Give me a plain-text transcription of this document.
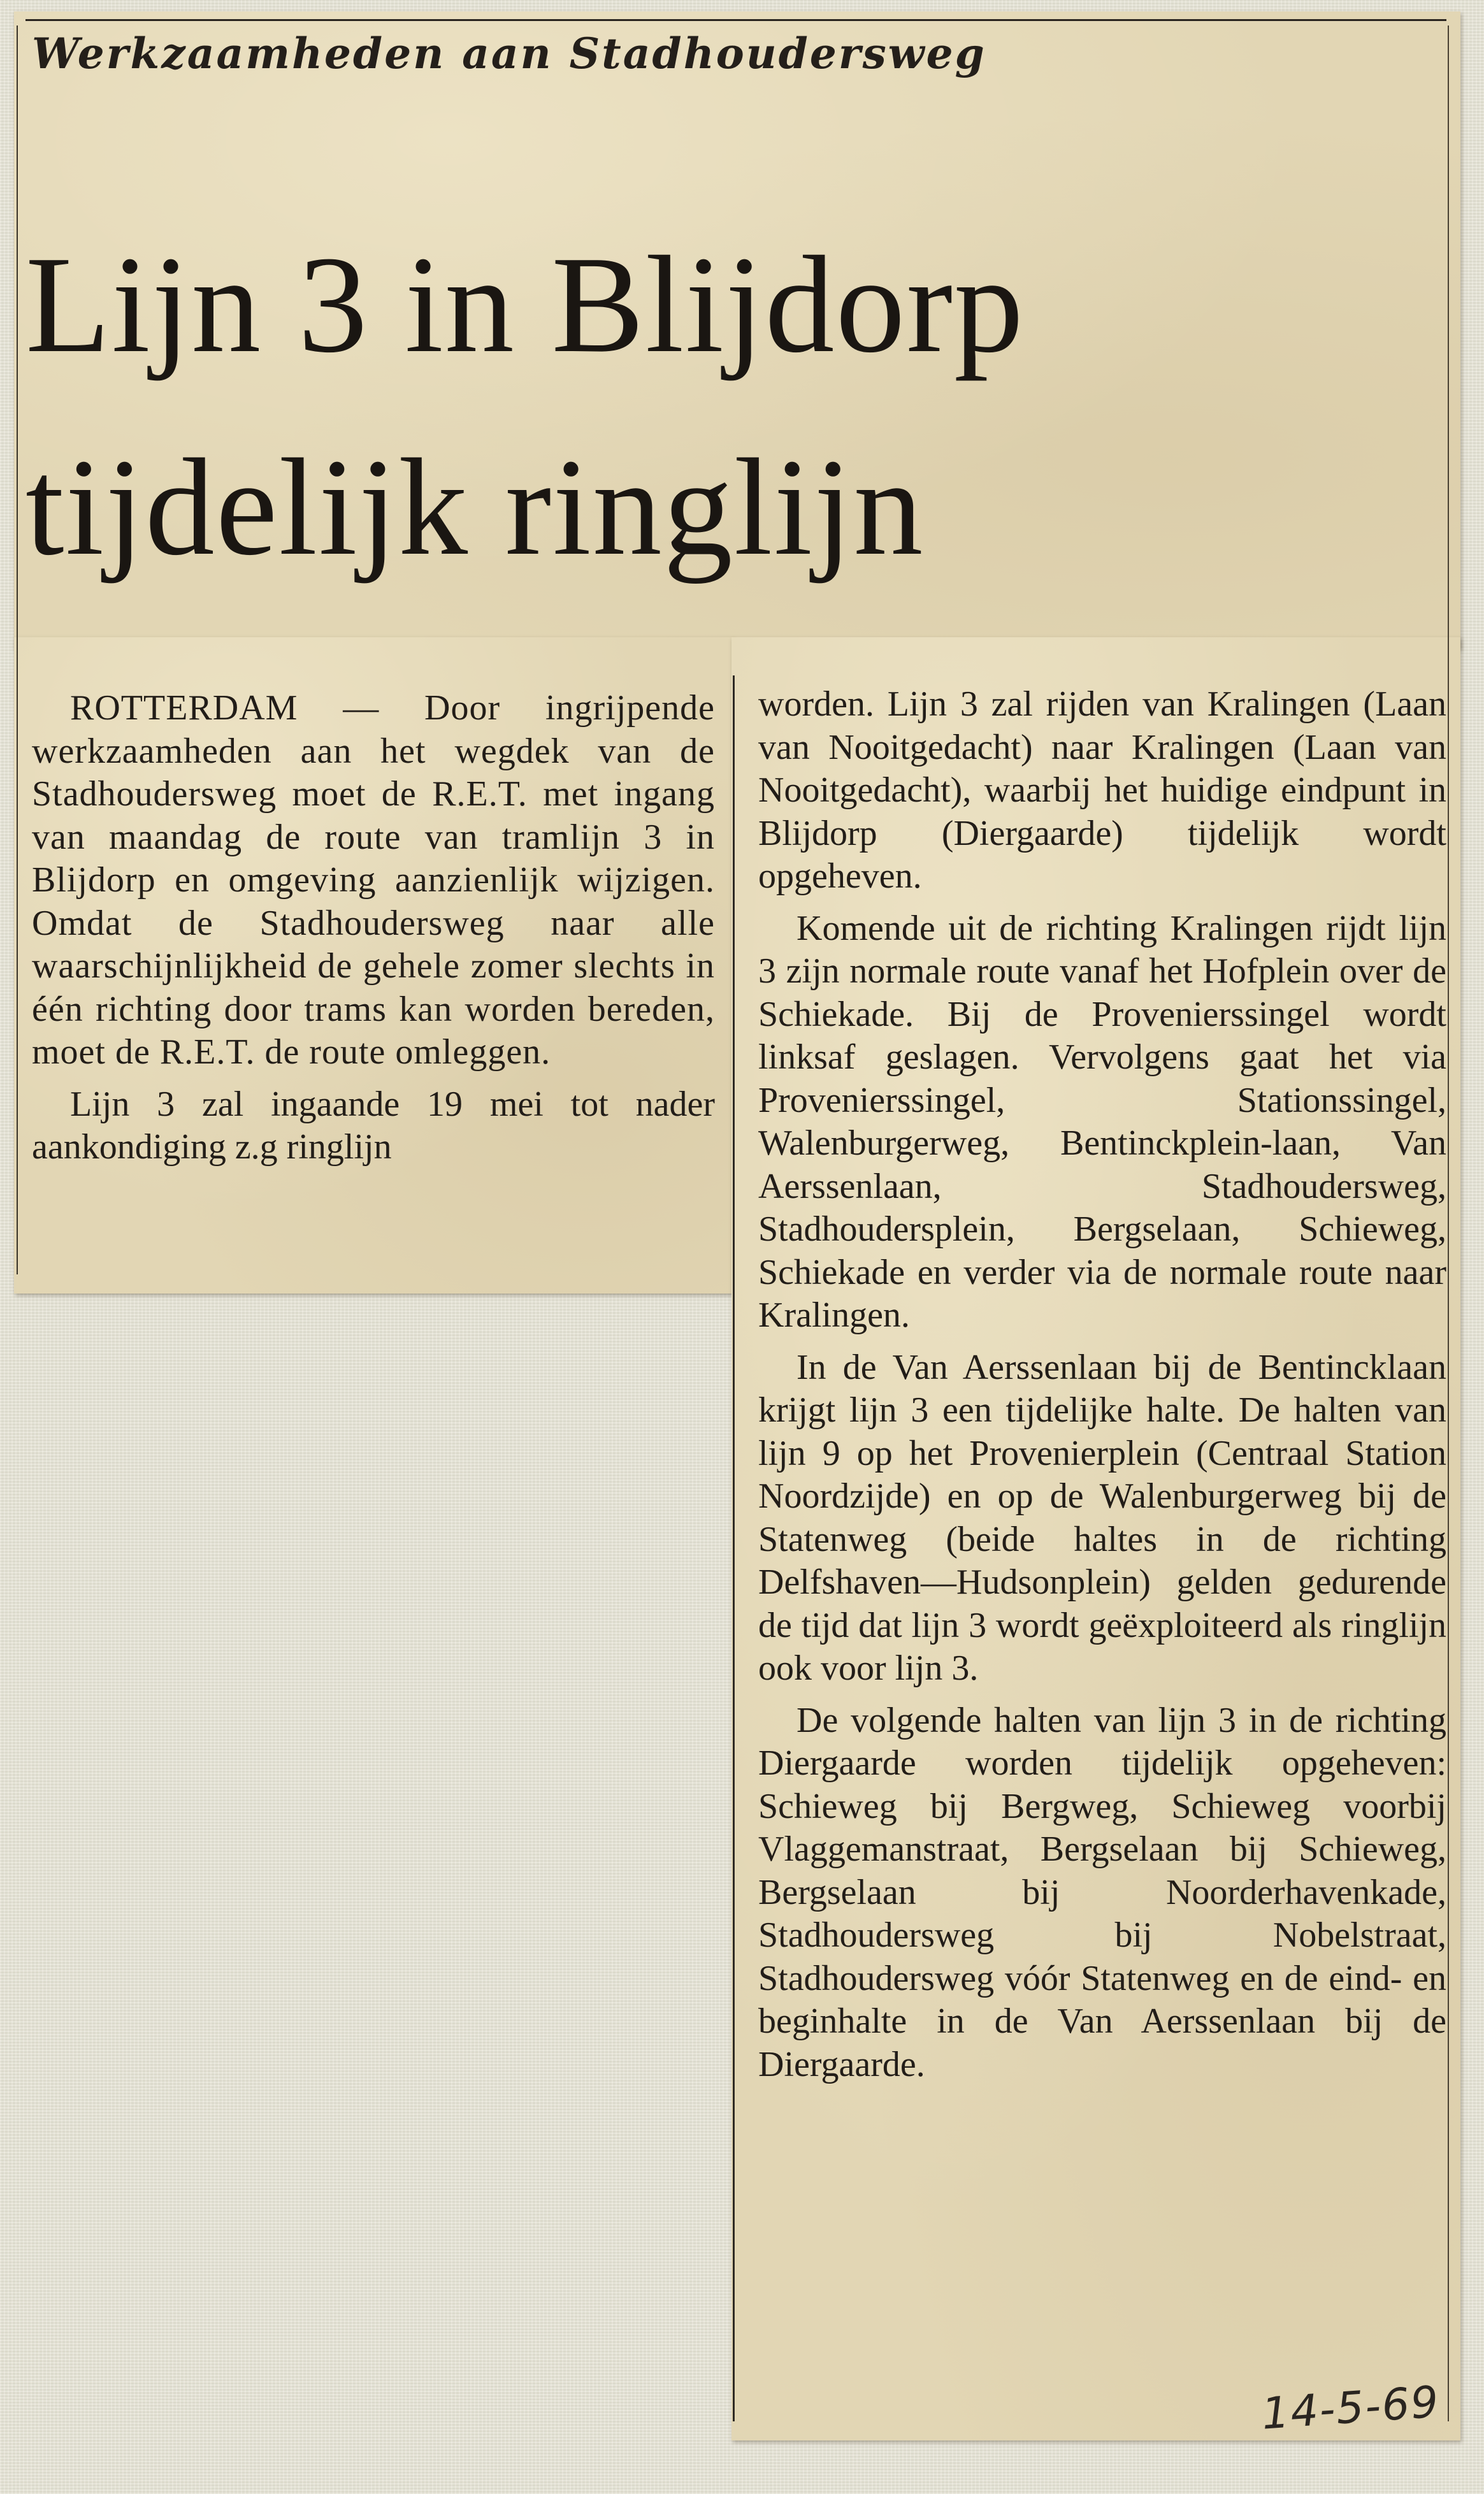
Werkzaamheden aan Stadhoudersweg
Lijn 3 in Blijdorp
tijdelijk ringlijn

ROTTERDAM — Door ingrijpende werkzaamheden aan het wegdek van de Stadhoudersweg moet de R.E.T. met ingang van maandag de route van tramlijn 3 in Blijdorp en omgeving aanzienlijk wijzigen. Omdat de Stadhoudersweg naar alle waarschijnlijkheid de gehele zomer slechts in één richting door trams kan worden bereden, moet de R.E.T. de route omleggen.

Lijn 3 zal ingaande 19 mei tot nader aankondiging z.g ringlijn

worden. Lijn 3 zal rijden van Kralingen (Laan van Nooitgedacht) naar Kralingen (Laan van Nooitgedacht), waarbij het huidige eindpunt in Blijdorp (Diergaarde) tijdelijk wordt opgeheven.

Komende uit de richting Kralingen rijdt lijn 3 zijn normale route vanaf het Hofplein over de Schiekade. Bij de Provenierssingel wordt linksaf geslagen. Vervolgens gaat het via Provenierssingel, Stationssingel, Walenburgerweg, Bentinckplein-laan, Van Aerssenlaan, Stadhoudersweg, Stadhoudersplein, Bergselaan, Schieweg, Schiekade en verder via de normale route naar Kralingen.

In de Van Aerssenlaan bij de Bentincklaan krijgt lijn 3 een tijdelijke halte. De halten van lijn 9 op het Provenierplein (Centraal Station Noordzijde) en op de Walenburgerweg bij de Statenweg (beide haltes in de richting Delfshaven—Hudsonplein) gelden gedurende de tijd dat lijn 3 wordt geëxploiteerd als ringlijn ook voor lijn 3.

De volgende halten van lijn 3 in de richting Diergaarde worden tijdelijk opgeheven: Schieweg bij Bergweg, Schieweg voorbij Vlaggemanstraat, Bergselaan bij Schieweg, Bergselaan bij Noorderhavenkade, Stadhoudersweg bij Nobelstraat, Stadhoudersweg vóór Statenweg en de eind- en beginhalte in de Van Aerssenlaan bij de Diergaarde.

14-5-69
